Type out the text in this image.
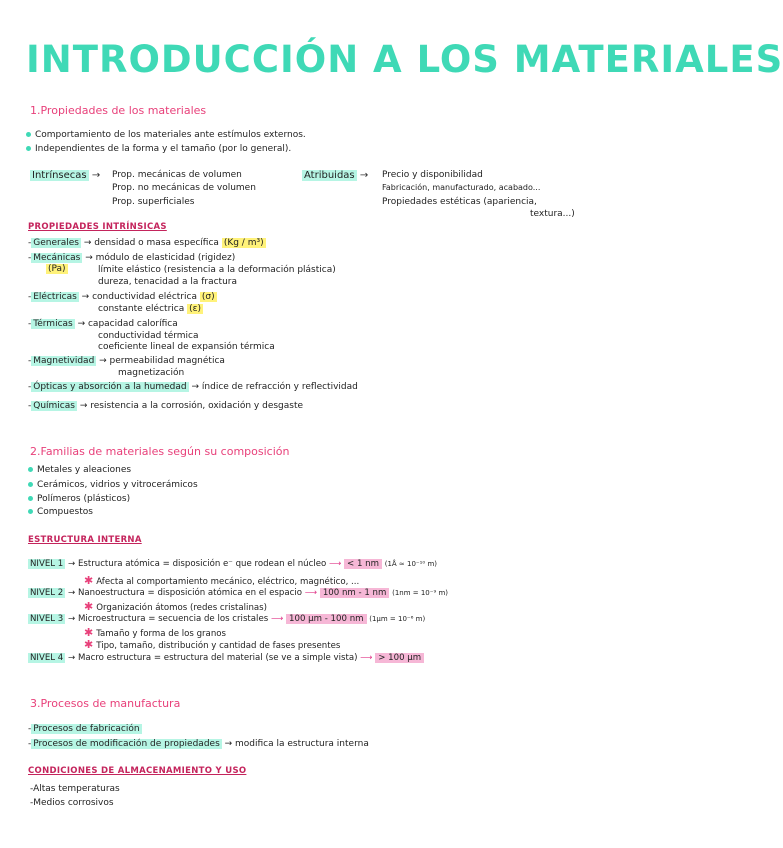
INTRODUCCIÓN A LOS MATERIALES
1.Propiedades de los materiales
Comportamiento de los materiales ante estímulos externos.
Independientes de la forma y el tamaño (por lo general).
Intrínsecas → Prop. mecánicas de volumen
Prop. no mecánicas de volumen
Prop. superficiales
Atribuidas → Precio y disponibilidad
Fabricación, manufacturado, acabado...
Propiedades estéticas (apariencia,
textura...)
PROPIEDADES INTRÍNSICAS
- Generales → densidad o masa específica (Kg / m³)
- Mecánicas → módulo de elasticidad (rigidez)
(Pa)	límite elástico (resistencia a la deformación plástica)
dureza, tenacidad a la fractura
- Eléctricas → conductividad eléctrica (σ)
constante eléctrica (ε)
- Térmicas → capacidad calorífica
conductividad térmica
coeficiente lineal de expansión térmica
- Magnetividad → permeabilidad magnética
magnetización
- Ópticas y absorción a la humedad → índice de refracción y reflectividad
- Químicas → resistencia a la corrosión, oxidación y desgaste
2.Familias de materiales según su composición
Metales y aleaciones
Cerámicos, vidrios y vitrocerámicos
Polímeros (plásticos)
Compuestos
ESTRUCTURA INTERNA
NIVEL 1 → Estructura atómica = disposición e⁻ que rodean el núcleo ⟶ < 1 nm (1Å ≃ 10⁻¹⁰ m)
✱ Afecta al comportamiento mecánico, eléctrico, magnético, ...
NIVEL 2 → Nanoestructura = disposición atómica en el espacio ⟶ 100 nm - 1 nm (1nm = 10⁻⁹ m)
✱ Organización átomos (redes cristalinas)
NIVEL 3 → Microestructura = secuencia de los cristales ⟶ 100 µm - 100 nm (1µm = 10⁻⁶ m)
✱ Tamaño y forma de los granos
✱ Tipo, tamaño, distribución y cantidad de fases presentes
NIVEL 4 → Macro estructura = estructura del material (se ve a simple vista) ⟶ > 100 µm
3.Procesos de manufactura
- Procesos de fabricación
- Procesos de modificación de propiedades → modifica la estructura interna
CONDICIONES DE ALMACENAMIENTO Y USO
-Altas temperaturas
-Medios corrosivos
